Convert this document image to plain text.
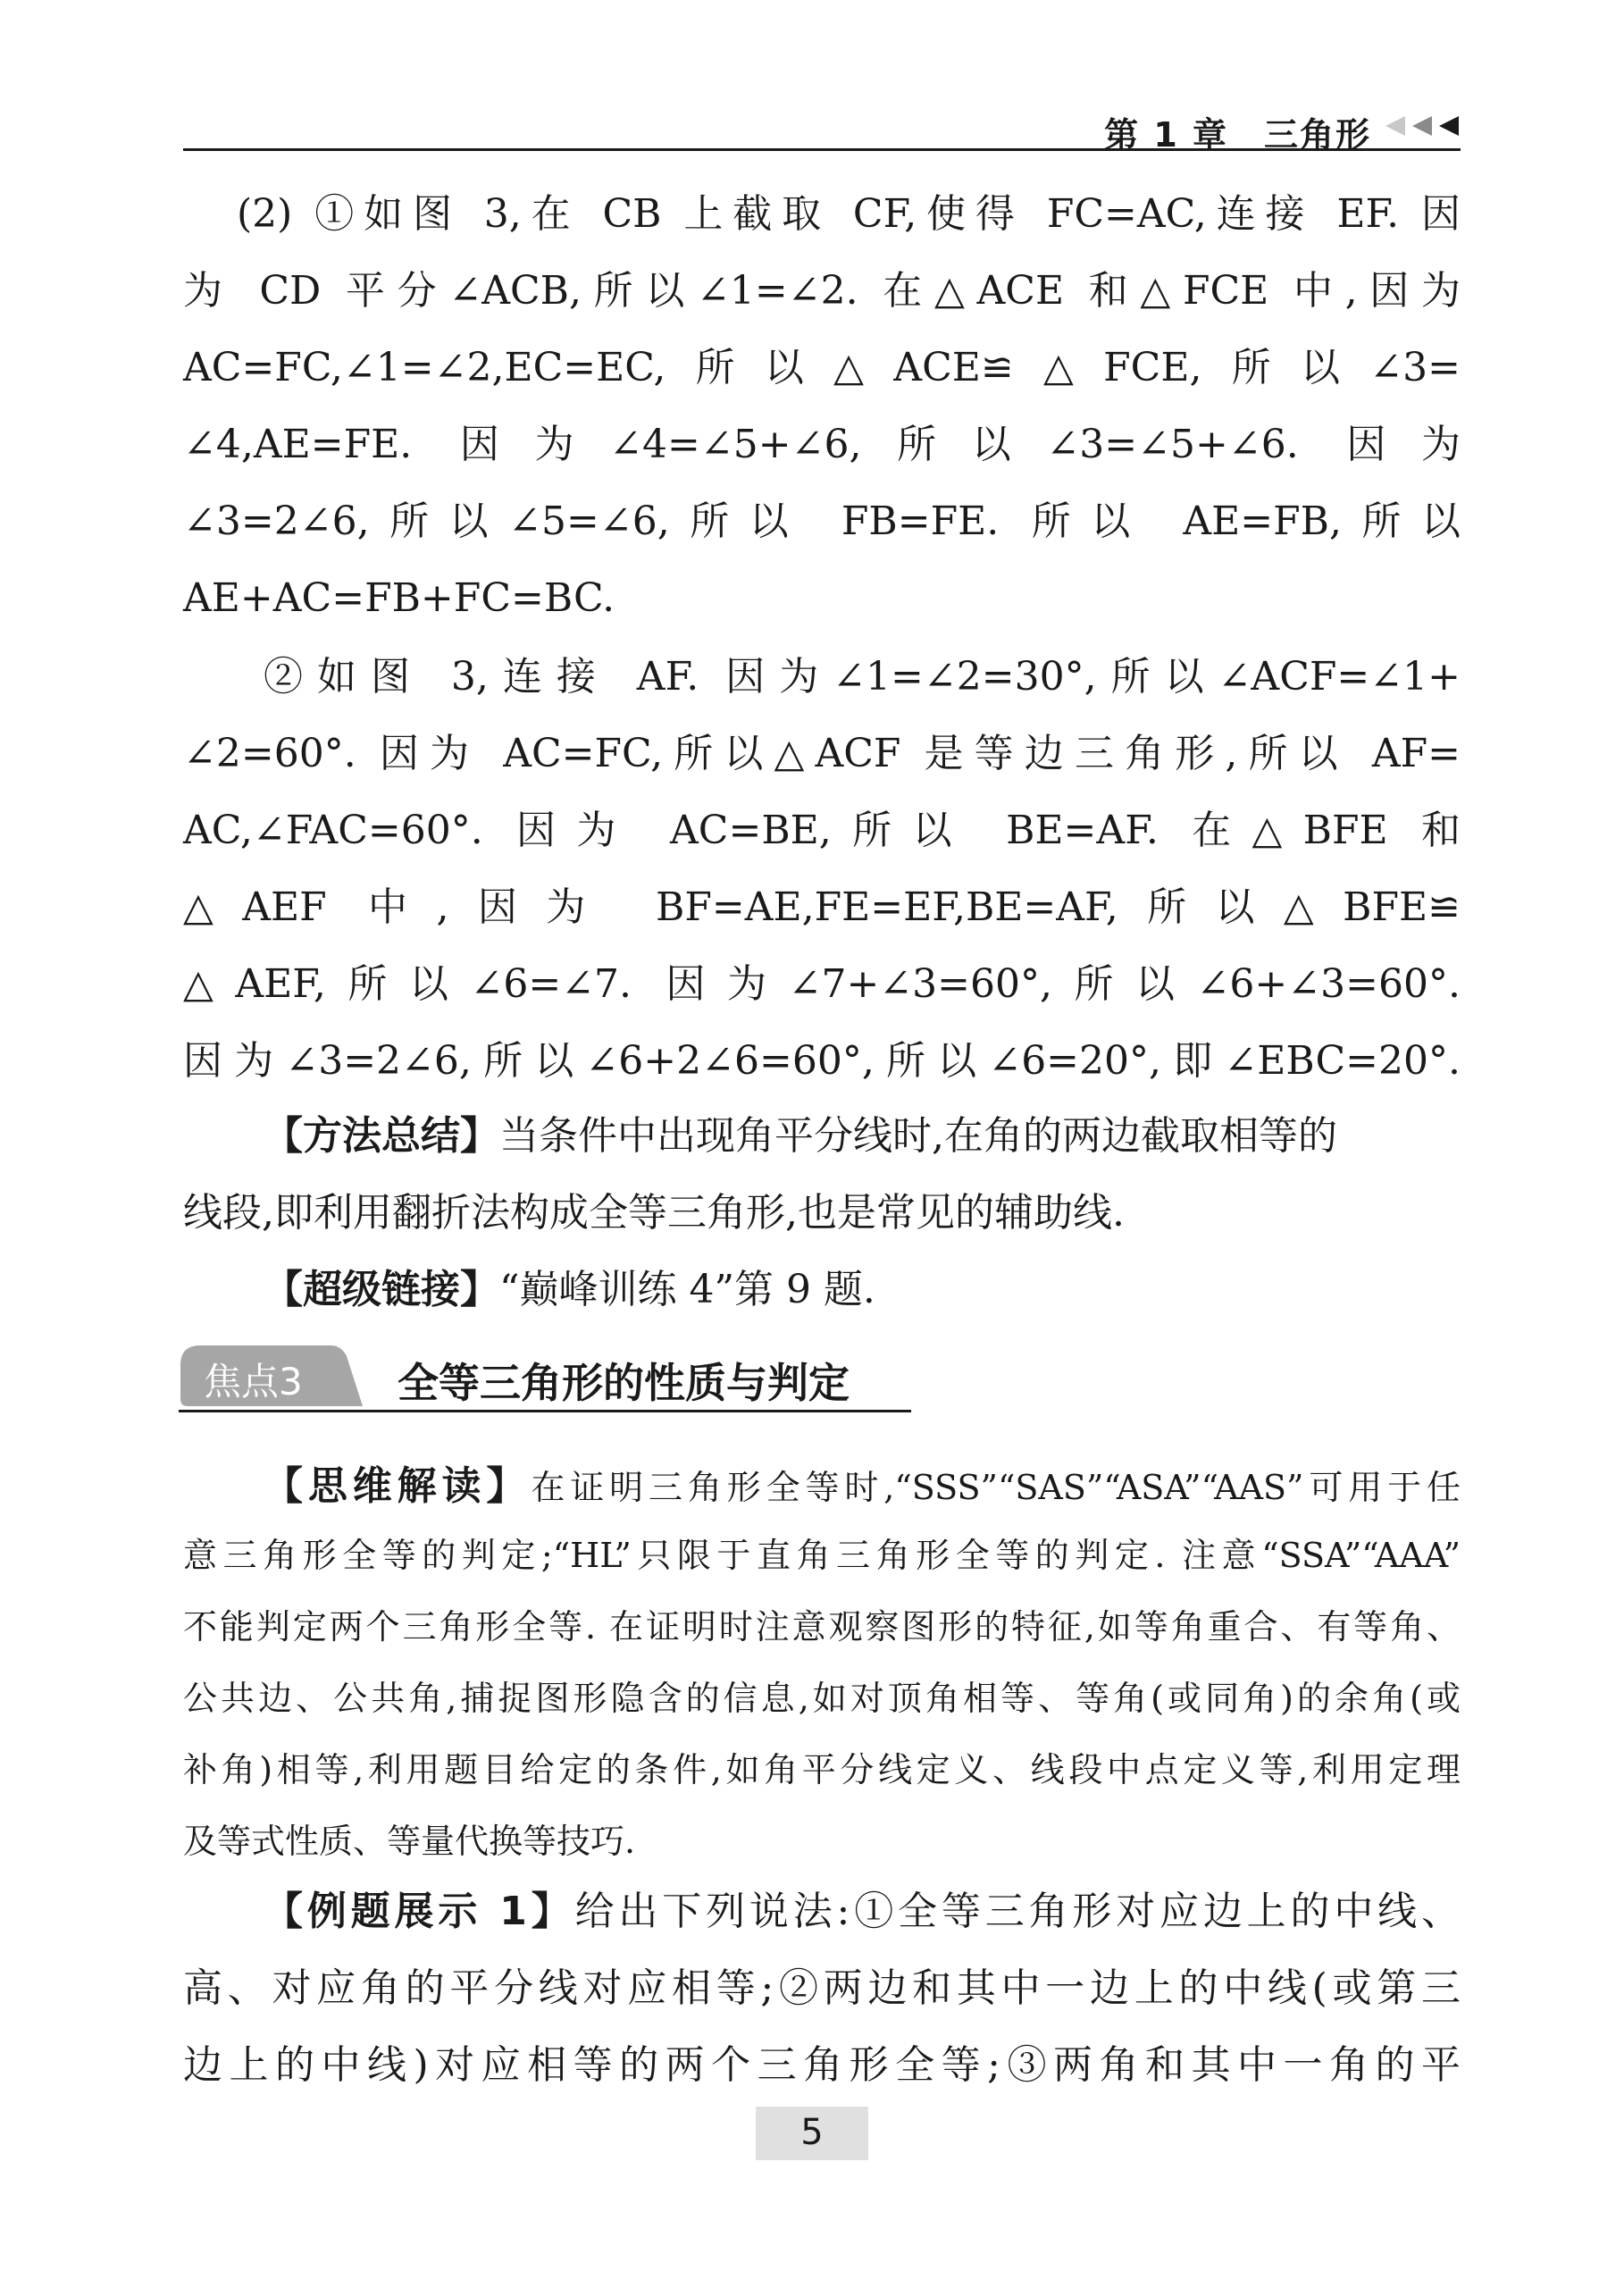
第 1 章　三角形
(2) ①如图 3,在 CB 上截取 CF,使得 FC=AC,连接 EF. 因
为 CD 平分∠ACB,所以∠1=∠2. 在△ACE 和△FCE 中,因为
AC=FC,∠1=∠2,EC=EC,所以△ACE≌△FCE,所以∠3=
∠4,AE=FE. 因为∠4=∠5+∠6,所以∠3=∠5+∠6. 因为
∠3=2∠6,所以∠5=∠6,所以 FB=FE. 所以 AE=FB,所以
AE+AC=FB+FC=BC.
②如图 3,连接 AF. 因为∠1=∠2=30°,所以∠ACF=∠1+
∠2=60°. 因为 AC=FC,所以△ACF 是等边三角形,所以 AF=
AC,∠FAC=60°. 因为 AC=BE,所以 BE=AF. 在△BFE 和
△AEF 中,因为 BF=AE,FE=EF,BE=AF,所以△BFE≌
△AEF,所以∠6=∠7. 因为∠7+∠3=60°,所以∠6+∠3=60°.
因为∠3=2∠6,所以∠6+2∠6=60°,所以∠6=20°,即∠EBC=20°.
【方法总结】当条件中出现角平分线时,在角的两边截取相等的
线段,即利用翻折法构成全等三角形,也是常见的辅助线.
【超级链接】“巅峰训练 4”第 9 题.
焦点3 全等三角形的性质与判定
【思维解读】在证明三角形全等时,“SSS”“SAS”“ASA”“AAS”可用于任
意三角形全等的判定;“HL”只限于直角三角形全等的判定. 注意“SSA”“AAA”
不能判定两个三角形全等. 在证明时注意观察图形的特征,如等角重合、有等角、
公共边、公共角,捕捉图形隐含的信息,如对顶角相等、等角(或同角)的余角(或
补角)相等,利用题目给定的条件,如角平分线定义、线段中点定义等,利用定理
及等式性质、等量代换等技巧.
【例题展示 1】给出下列说法:①全等三角形对应边上的中线、
高、对应角的平分线对应相等;②两边和其中一边上的中线(或第三
边上的中线)对应相等的两个三角形全等;③两角和其中一角的平
5
